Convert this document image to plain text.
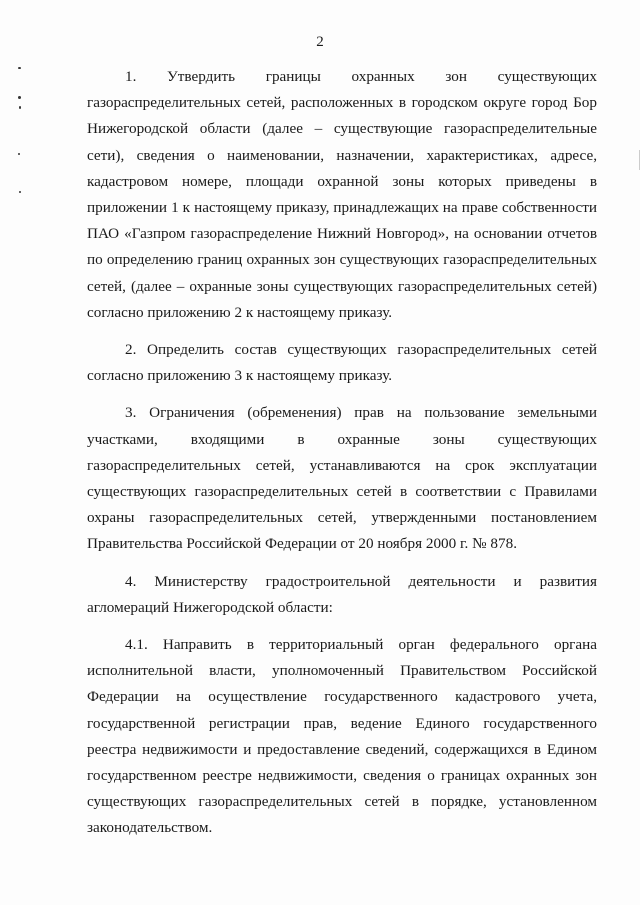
2

1. Утвердить границы охранных зон существующих газораспределительных сетей, расположенных в городском округе город Бор Нижегородской области (далее – существующие газораспределительные сети), сведения о наименовании, назначении, характеристиках, адресе, кадастровом номере, площади охранной зоны которых приведены в приложении 1 к настоящему приказу, принадлежащих на праве собственности ПАО «Газпром газораспределение Нижний Новгород», на основании отчетов по определению границ охранных зон существующих газораспределительных сетей, (далее – охранные зоны существующих газораспределительных сетей) согласно приложению 2 к настоящему приказу.

2. Определить состав существующих газораспределительных сетей согласно приложению 3 к настоящему приказу.

3. Ограничения (обременения) прав на пользование земельными участками, входящими в охранные зоны существующих газораспределительных сетей, устанавливаются на срок эксплуатации существующих газораспределительных сетей в соответствии с Правилами охраны газораспределительных сетей, утвержденными постановлением Правительства Российской Федерации от 20 ноября 2000 г. № 878.

4. Министерству градостроительной деятельности и развития агломераций Нижегородской области:

4.1. Направить в территориальный орган федерального органа исполнительной власти, уполномоченный Правительством Российской Федерации на осуществление государственного кадастрового учета, государственной регистрации прав, ведение Единого государственного реестра недвижимости и предоставление сведений, содержащихся в Едином государственном реестре недвижимости, сведения о границах охранных зон существующих газораспределительных сетей в порядке, установленном законодательством.
